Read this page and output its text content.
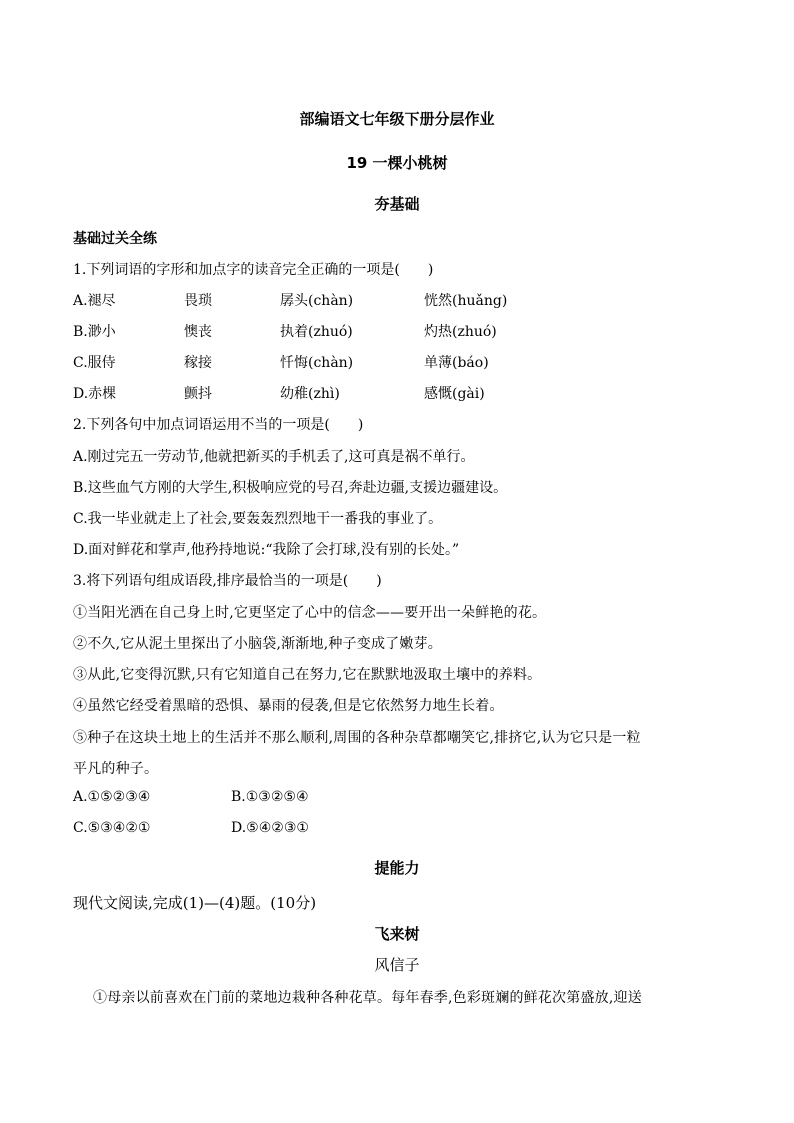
部编语文七年级下册分层作业
19 一棵小桃树
夯基础
基础过关全练
1.下列词语的字形和加点字的读音完全正确的一项是(　　)
A.褪尽	畏琐	孱头(chàn)	恍然(huǎng)
B.渺小	懊丧	执着(zhuó)	灼热(zhuó)
C.服侍	稼接	忏悔(chàn)	单薄(báo)
D.赤棵	颤抖	幼稚(zhì)	感慨(gài)
2.下列各句中加点词语运用不当的一项是(　　)
A.刚过完五一劳动节,他就把新买的手机丢了,这可真是祸不单行。
B.这些血气方刚的大学生,积极响应党的号召,奔赴边疆,支援边疆建设。
C.我一毕业就走上了社会,要轰轰烈烈地干一番我的事业了。
D.面对鲜花和掌声,他矜持地说:“我除了会打球,没有别的长处。”
3.将下列语句组成语段,排序最恰当的一项是(　　)
①当阳光洒在自己身上时,它更坚定了心中的信念——要开出一朵鲜艳的花。
②不久,它从泥土里探出了小脑袋,渐渐地,种子变成了嫩芽。
③从此,它变得沉默,只有它知道自己在努力,它在默默地汲取土壤中的养料。
④虽然它经受着黑暗的恐惧、暴雨的侵袭,但是它依然努力地生长着。
⑤种子在这块土地上的生活并不那么顺利,周围的各种杂草都嘲笑它,排挤它,认为它只是一粒
平凡的种子。
A.①⑤②③④	B.①③②⑤④
C.⑤③④②①	D.⑤④②③①
提能力
现代文阅读,完成(1)—(4)题。(10分)
飞来树
风信子
①母亲以前喜欢在门前的菜地边栽种各种花草。每年春季,色彩斑斓的鲜花次第盛放,迎送
